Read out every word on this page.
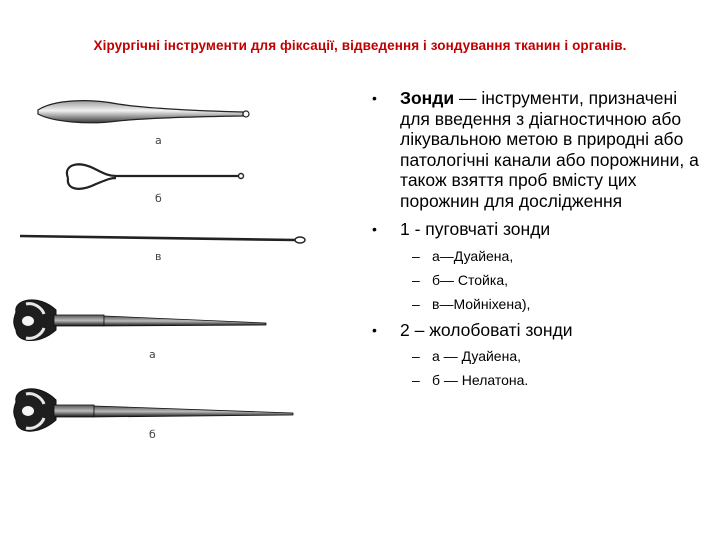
Хірургічні інструменти для фіксації, відведення і зондування тканин і органів.
а
б
в
а
б
• Зонди — інструменти, призначені для введення з діагностичною або лікувальною метою в природні або патологічні канали або порожнини, а також взяття проб вмісту цих порожнин для дослідження
• 1 - пуговчаті зонди
– а—Дуайена,
– б— Стойка,
– в—Мойніхена),
• 2 – жолобоваті зонди
– а — Дуайена,
– б — Нелатона.
